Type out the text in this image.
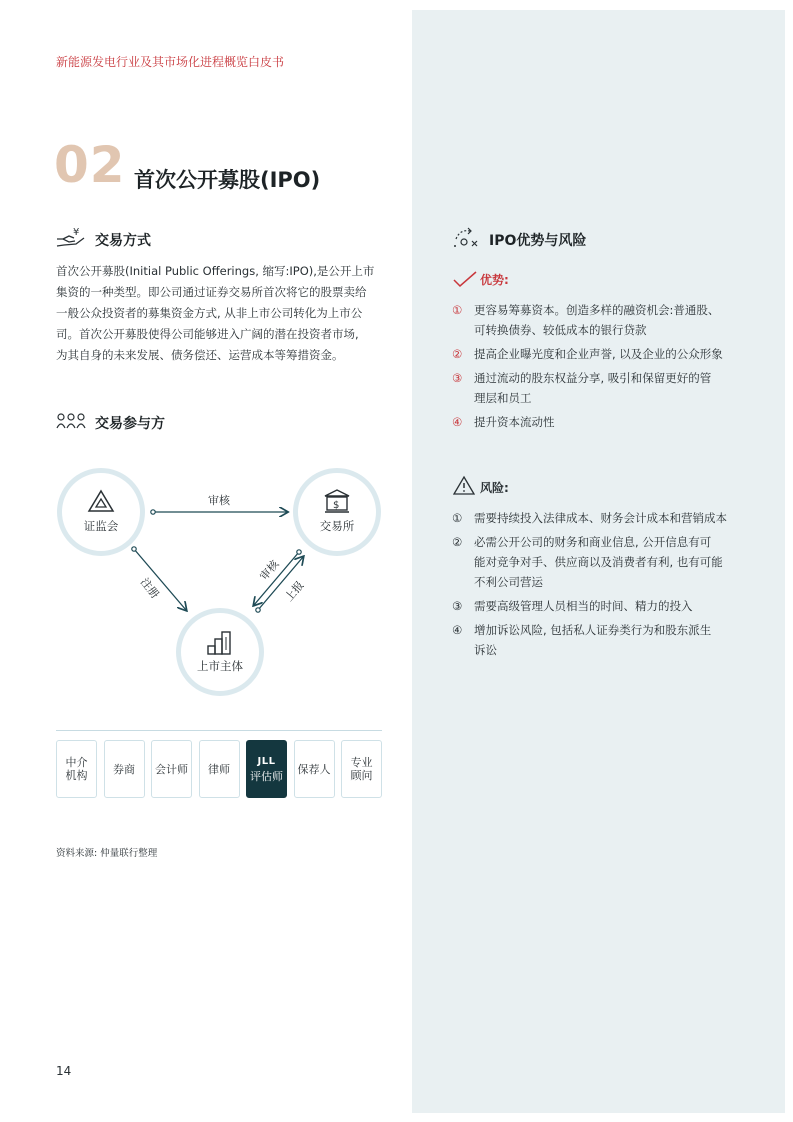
新能源发电行业及其市场化进程概览白皮书
02 首次公开募股(IPO)
¥
交易方式
首次公开募股(Initial Public Offerings, 缩写:IPO),是公开上市
集资的一种类型。即公司通过证券交易所首次将它的股票卖给
一般公众投资者的募集资金方式, 从非上市公司转化为上市公
司。首次公开募股使得公司能够进入广阔的潜在投资者市场,
为其自身的未来发展、债务偿还、运营成本等筹措资金。
交易参与方
审核
注册
审核
上报
证监会
$
交易所
上市主体
中介
机构 券商 会计师 律师
JLL
评估师
保荐人 专业
顾问
资料来源: 仲量联行整理
14
IPO优势与风险
优势:
① 更容易筹募资本。创造多样的融资机会:普通股、
可转换债券、较低成本的银行贷款
② 提高企业曝光度和企业声誉, 以及企业的公众形象
③ 通过流动的股东权益分享, 吸引和保留更好的管
理层和员工
④ 提升资本流动性
风险:
① 需要持续投入法律成本、财务会计成本和营销成本
② 必需公开公司的财务和商业信息, 公开信息有可
能对竞争对手、供应商以及消费者有利, 也有可能
不利公司营运
③ 需要高级管理人员相当的时间、精力的投入
④ 增加诉讼风险, 包括私人证券类行为和股东派生
诉讼
